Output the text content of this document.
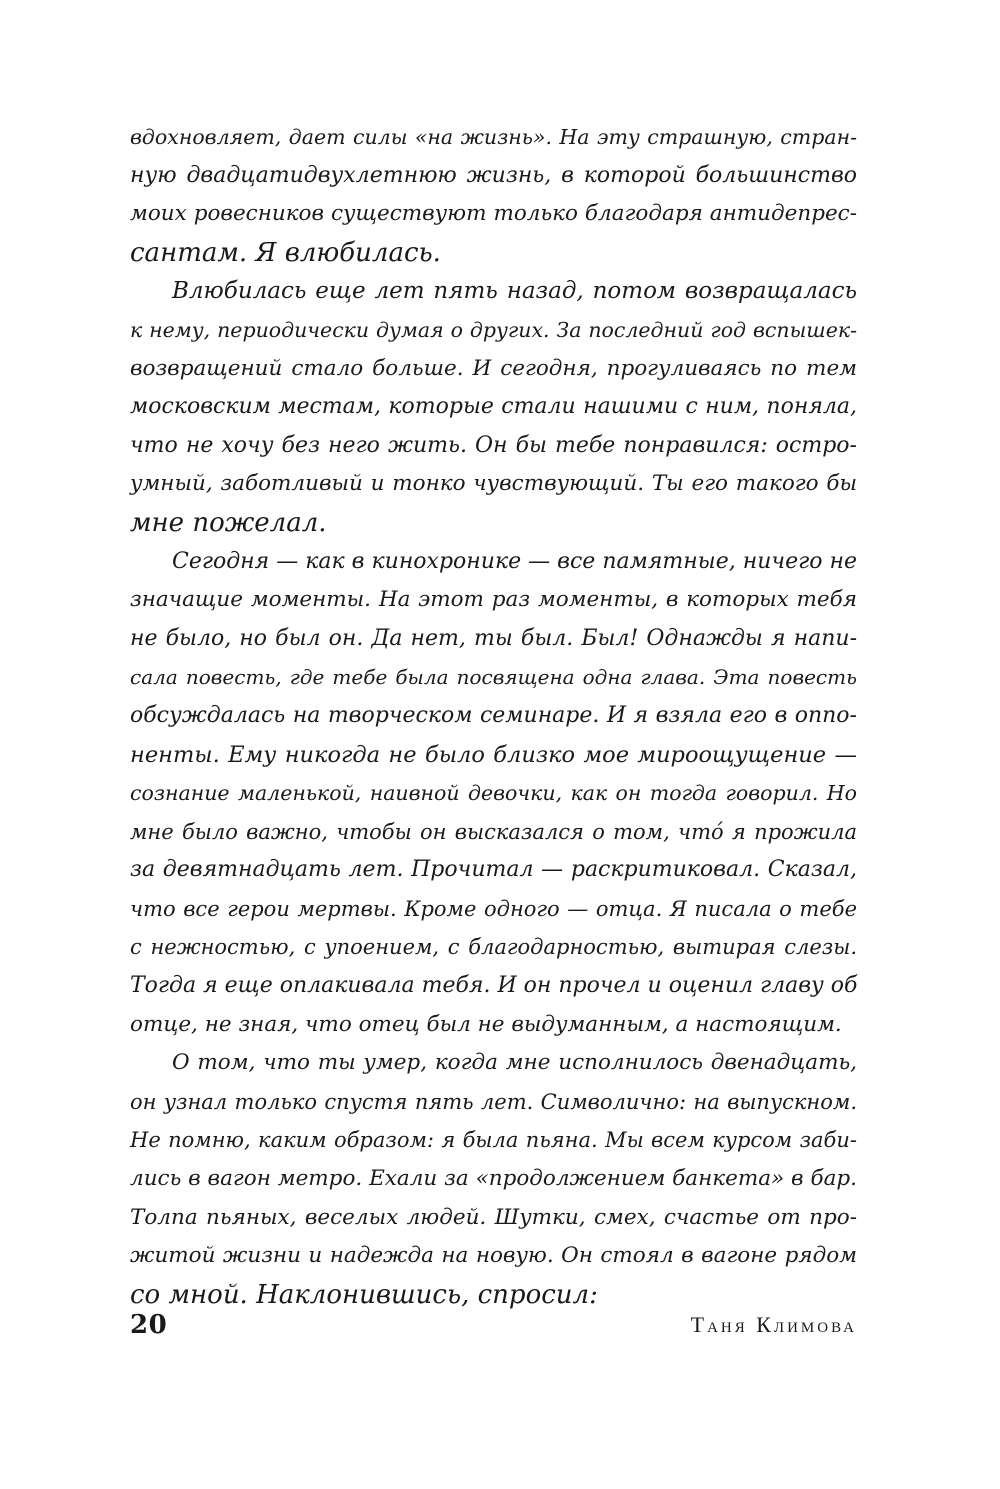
вдохновляет, дает силы «на жизнь». На эту страшную, стран-
ную двадцатидвухлетнюю жизнь, в которой большинство
моих ровесников существуют только благодаря антидепрес-
сантам. Я влюбилась.
Влюбилась еще лет пять назад, потом возвращалась
к нему, периодически думая о других. За последний год вспышек-
возвращений стало больше. И сегодня, прогуливаясь по тем
московским местам, которые стали нашими с ним, поняла,
что не хочу без него жить. Он бы тебе понравился: остро-
умный, заботливый и тонко чувствующий. Ты его такого бы
мне пожелал.
Сегодня — как в кинохронике — все памятные, ничего не
значащие моменты. На этот раз моменты, в которых тебя
не было, но был он. Да нет, ты был. Был! Однажды я напи-
сала повесть, где тебе была посвящена одна глава. Эта повесть
обсуждалась на творческом семинаре. И я взяла его в оппо-
ненты. Ему никогда не было близко мое мироощущение —
сознание маленькой, наивной девочки, как он тогда говорил. Но
мне было важно, чтобы он высказался о том, что́ я прожила
за девятнадцать лет. Прочитал — раскритиковал. Сказал,
что все герои мертвы. Кроме одного — отца. Я писала о тебе
с нежностью, с упоением, с благодарностью, вытирая слезы.
Тогда я еще оплакивала тебя. И он прочел и оценил главу об
отце, не зная, что отец был не выдуманным, а настоящим.
О том, что ты умер, когда мне исполнилось двенадцать,
он узнал только спустя пять лет. Символично: на выпускном.
Не помню, каким образом: я была пьяна. Мы всем курсом заби-
лись в вагон метро. Ехали за «продолжением банкета» в бар.
Толпа пьяных, веселых людей. Шутки, смех, счастье от про-
житой жизни и надежда на новую. Он стоял в вагоне рядом
со мной. Наклонившись, спросил:
20	Таня Климова
